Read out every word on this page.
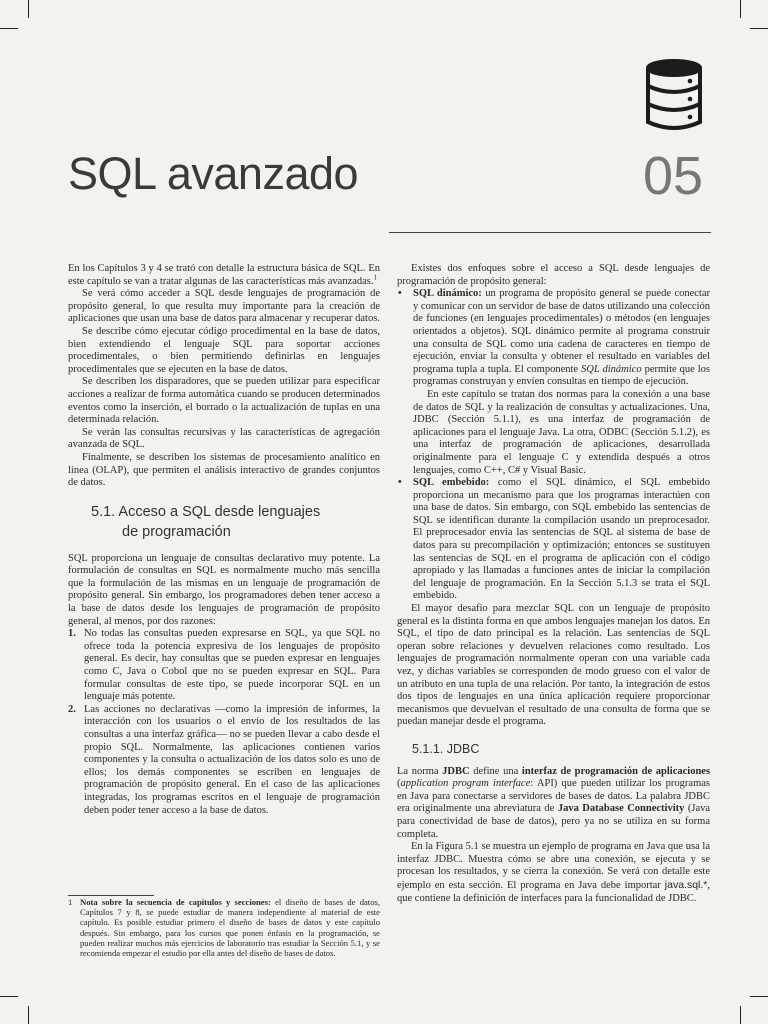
SQL avanzado	05

En los Capítulos 3 y 4 se trató con detalle la estructura básica de SQL. En este capítulo se van a tratar algunas de las características más avanzadas.$^1$

Se verá cómo acceder a SQL desde lenguajes de programación de propósito general, lo que resulta muy importante para la creación de aplicaciones que usan una base de datos para almacenar y recuperar datos.

Se describe cómo ejecutar código procedimental en la base de datos, bien extendiendo el lenguaje SQL para soportar acciones procedimentales, o bien permitiendo definirlas en lenguajes procedimentales que se ejecuten en la base de datos.

Se describen los disparadores, que se pueden utilizar para especificar acciones a realizar de forma automática cuando se producen determinados eventos como la inserción, el borrado o la actualización de tuplas en una determinada relación.

Se verán las consultas recursivas y las características de agregación avanzada de SQL.

Finalmente, se describen los sistemas de procesamiento analítico en línea (OLAP), que permiten el análisis interactivo de grandes conjuntos de datos.

5.1. Acceso a SQL desde lenguajes
de programación

SQL proporciona un lenguaje de consultas declarativo muy potente. La formulación de consultas en SQL es normalmente mucho más sencilla que la formulación de las mismas en un lenguaje de programación de propósito general. Sin embargo, los programadores deben tener acceso a la base de datos desde los lenguajes de programación de propósito general, al menos, por dos razones:

1. No todas las consultas pueden expresarse en SQL, ya que SQL no ofrece toda la potencia expresiva de los lenguajes de propósito general. Es decir, hay consultas que se pueden expresar en lenguajes como C, Java o Cobol que no se pueden expresar en SQL. Para formular consultas de este tipo, se puede incorporar SQL en un lenguaje más potente.
2. Las acciones no declarativas —como la impresión de informes, la interacción con los usuarios o el envío de los resultados de las consultas a una interfaz gráfica— no se pueden llevar a cabo desde el propio SQL. Normalmente, las aplicaciones contienen varios componentes y la consulta o actualización de los datos solo es uno de ellos; los demás componentes se escriben en lenguajes de programación de propósito general. En el caso de las aplicaciones integradas, los programas escritos en el lenguaje de programación deben poder tener acceso a la base de datos.
1 Nota sobre la secuencia de capítulos y secciones: el diseño de bases de datos, Capítulos 7 y 8, se puede estudiar de manera independiente al material de este capítulo. Es posible estudiar primero el diseño de bases de datos y este capítulo después. Sin embargo, para los cursos que ponen énfasis en la programación, se pueden realizar muchos más ejercicios de laboratorio tras estudiar la Sección 5.1, y se recomienda empezar el estudio por ella antes del diseño de bases de datos.

Existes dos enfoques sobre el acceso a SQL desde lenguajes de programación de propósito general:

• SQL dinámico: un programa de propósito general se puede conectar y comunicar con un servidor de base de datos utilizando una colección de funciones (en lenguajes procedimentales) o métodos (en lenguajes orientados a objetos). SQL dinámico permite al programa construir una consulta de SQL como una cadena de caracteres en tiempo de ejecución, enviar la consulta y obtener el resultado en variables del programa tupla a tupla. El componente SQL dinámico permite que los programas construyan y envíen consultas en tiempo de ejecución.

En este capítulo se tratan dos normas para la conexión a una base de datos de SQL y la realización de consultas y actualizaciones. Una, JDBC (Sección 5.1.1), es una interfaz de programación de aplicaciones para el lenguaje Java. La otra, ODBC (Sección 5.1.2), es una interfaz de programación de aplicaciones, desarrollada originalmente para el lenguaje C y extendida después a otros lenguajes, como C++, C# y Visual Basic.

• SQL embebido: como el SQL dinámico, el SQL embebido proporciona un mecanismo para que los programas interactúen con una base de datos. Sin embargo, con SQL embebido las sentencias de SQL se identifican durante la compilación usando un preprocesador. El preprocesador envía las sentencias de SQL al sistema de base de datos para su precompilación y optimización; entonces se sustituyen las sentencias de SQL en el programa de aplicación con el código apropiado y las llamadas a funciones antes de iniciar la compilación del lenguaje de programación. En la Sección 5.1.3 se trata el SQL embebido.

El mayor desafío para mezclar SQL con un lenguaje de propósito general es la distinta forma en que ambos lenguajes manejan los datos. En SQL, el tipo de dato principal es la relación. Las sentencias de SQL operan sobre relaciones y devuelven relaciones como resultado. Los lenguajes de programación normalmente operan con una variable cada vez, y dichas variables se corresponden de modo grueso con el valor de un atributo en una tupla de una relación. Por tanto, la integración de estos dos tipos de lenguajes en una única aplicación requiere proporcionar mecanismos que devuelvan el resultado de una consulta de forma que se puedan manejar desde el programa.

5.1.1. JDBC

La norma JDBC define una interfaz de programación de aplicaciones (application program interface: API) que pueden utilizar los programas en Java para conectarse a servidores de bases de datos. La palabra JDBC era originalmente una abreviatura de Java Database Connectivity (Java para conectividad de base de datos), pero ya no se utiliza en su forma completa.

En la Figura 5.1 se muestra un ejemplo de programa en Java que usa la interfaz JDBC. Muestra cómo se abre una conexión, se ejecuta y se procesan los resultados, y se cierra la conexión. Se verá con detalle este ejemplo en esta sección. El programa en Java debe importar java.sql.*, que contiene la definición de interfaces para la funcionalidad de JDBC.
